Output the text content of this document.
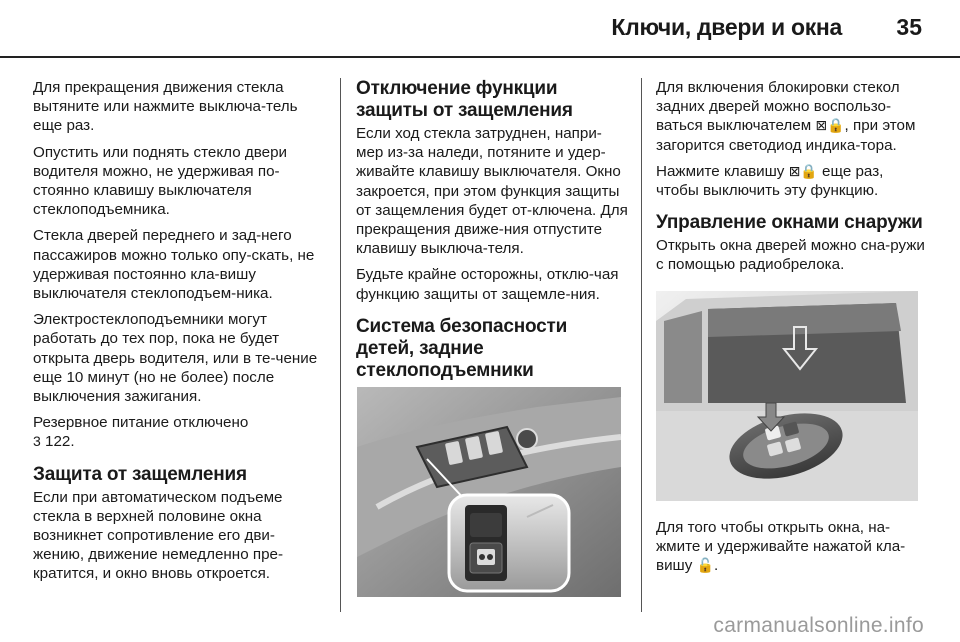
Ключи, двери и окна 35

Для прекращения движения стекла вытяните или нажмите выключа-тель еще раз.

Опустить или поднять стекло двери водителя можно, не удерживая по-стоянно клавишу выключателя стеклоподъемника.

Стекла дверей переднего и зад-него пассажиров можно только опу-скать, не удерживая постоянно кла-вишу выключателя стеклоподъем-ника.

Электростеклоподъемники могут работать до тех пор, пока не будет открыта дверь водителя, или в те-чение еще 10 минут (но не более) после выключения зажигания.

Резервное питание отключено
3 122.

Защита от защемления

Если при автоматическом подъеме стекла в верхней половине окна возникнет сопротивление его дви-жению, движение немедленно пре-кратится, и окно вновь откроется.

Отключение функции защиты от защемления

Если ход стекла затруднен, напри-мер из-за наледи, потяните и удер-живайте клавишу выключателя. Окно закроется, при этом функция защиты от защемления будет от-ключена. Для прекращения движе-ния отпустите клавишу выключа-теля.

Будьте крайне осторожны, отклю-чая функцию защиты от защемле-ния.

Система безопасности детей, задние стеклоподъемники

Для включения блокировки стекол задних дверей можно воспользо-ваться выключателем ⊠🔒, при этом загорится светодиод индика-тора.

Нажмите клавишу ⊠🔒 еще раз, чтобы выключить эту функцию.

Управление окнами снаружи

Открыть окна дверей можно сна-ружи с помощью радиобрелока.

Для того чтобы открыть окна, на-жмите и удерживайте нажатой кла-вишу 🔓.

carmanualsonline.info
